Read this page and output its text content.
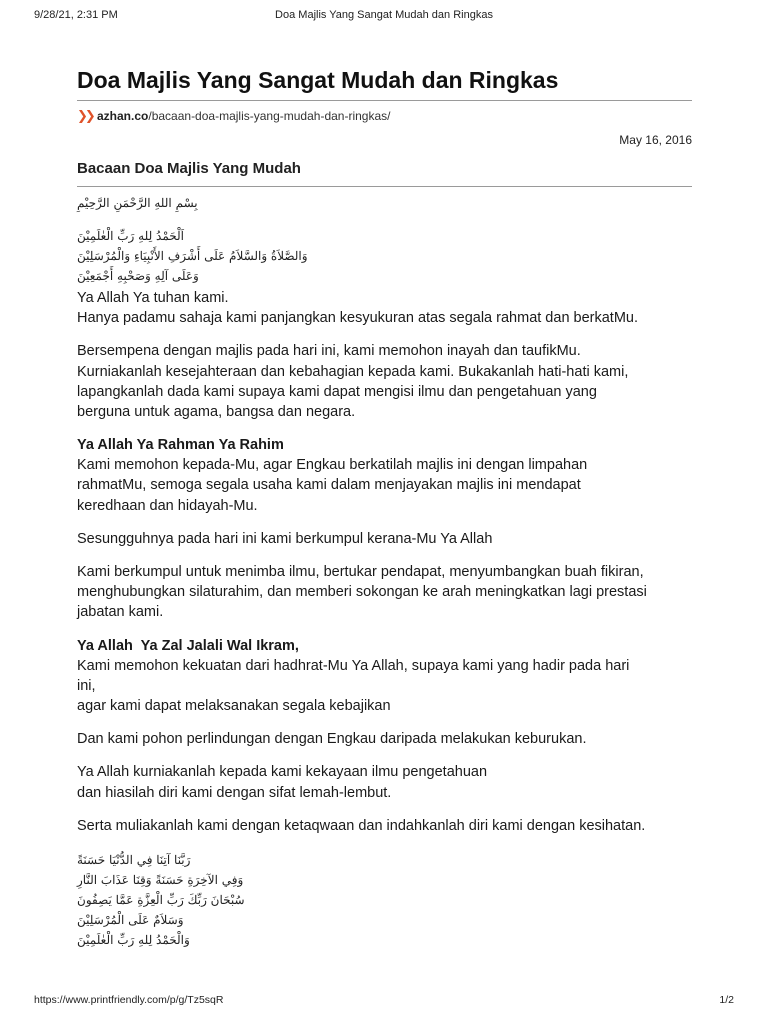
9/28/21, 2:31 PM	Doa Majlis Yang Sangat Mudah dan Ringkas
Doa Majlis Yang Sangat Mudah dan Ringkas
❯❯ azhan.co /bacaan-doa-majlis-yang-mudah-dan-ringkas/
May 16, 2016
Bacaan Doa Majlis Yang Mudah
بِسْمِ اللهِ الرَّحْمَنِ الرَّحِيْمِ
اَلْحَمْدُ لِلهِ رَبِّ الْعٰلَمِيْنَ
وَالصَّلاَةُ وَالسَّلاَمُ عَلَى أَشْرَفِ الأَنْبِيَاءِ وَالْمُرْسَلِيْنَ
وَعَلَى آلِهِ وَصَحْبِهِ أَجْمَعِيْنَ

Ya Allah Ya tuhan kami.
Hanya padamu sahaja kami panjangkan kesyukuran atas segala rahmat dan berkatMu.

Bersempena dengan majlis pada hari ini, kami memohon inayah dan taufikMu.
Kurniakanlah kesejahteraan dan kebahagian kepada kami. Bukakanlah hati-hati kami,
lapangkanlah dada kami supaya kami dapat mengisi ilmu dan pengetahuan yang
berguna untuk agama, bangsa dan negara.

Ya Allah Ya Rahman Ya Rahim

Kami memohon kepada-Mu, agar Engkau berkatilah majlis ini dengan limpahan
rahmatMu, semoga segala usaha kami dalam menjayakan majlis ini mendapat
keredhaan dan hidayah-Mu.

Sesungguhnya pada hari ini kami berkumpul kerana-Mu Ya Allah

Kami berkumpul untuk menimba ilmu, bertukar pendapat, menyumbangkan buah fikiran,
menghubungkan silaturahim, dan memberi sokongan ke arah meningkatkan lagi prestasi
jabatan kami.

Ya Allah  Ya Zal Jalali Wal Ikram,

Kami memohon kekuatan dari hadhrat-Mu Ya Allah, supaya kami yang hadir pada hari
ini,
agar kami dapat melaksanakan segala kebajikan

Dan kami pohon perlindungan dengan Engkau daripada melakukan keburukan.

Ya Allah kurniakanlah kepada kami kekayaan ilmu pengetahuan
dan hiasilah diri kami dengan sifat lemah-lembut.

Serta muliakanlah kami dengan ketaqwaan dan indahkanlah diri kami dengan kesihatan.

رَبَّنَا آتِنَا فِي الدُّنْيَا حَسَنَةً
وَفِي الآخِرَةِ حَسَنَةً وَقِنَا عَذَابَ النَّارِ
سُبْحَانَ رَبِّكَ رَبِّ الْعِزَّةِ عَمَّا يَصِفُونَ
وَسَلاَمٌ عَلَى الْمُرْسَلِيْنَ
وَالْحَمْدُ لِلهِ رَبِّ الْعٰلَمِيْنَ
https://www.printfriendly.com/p/g/Tz5sqR	1/2
